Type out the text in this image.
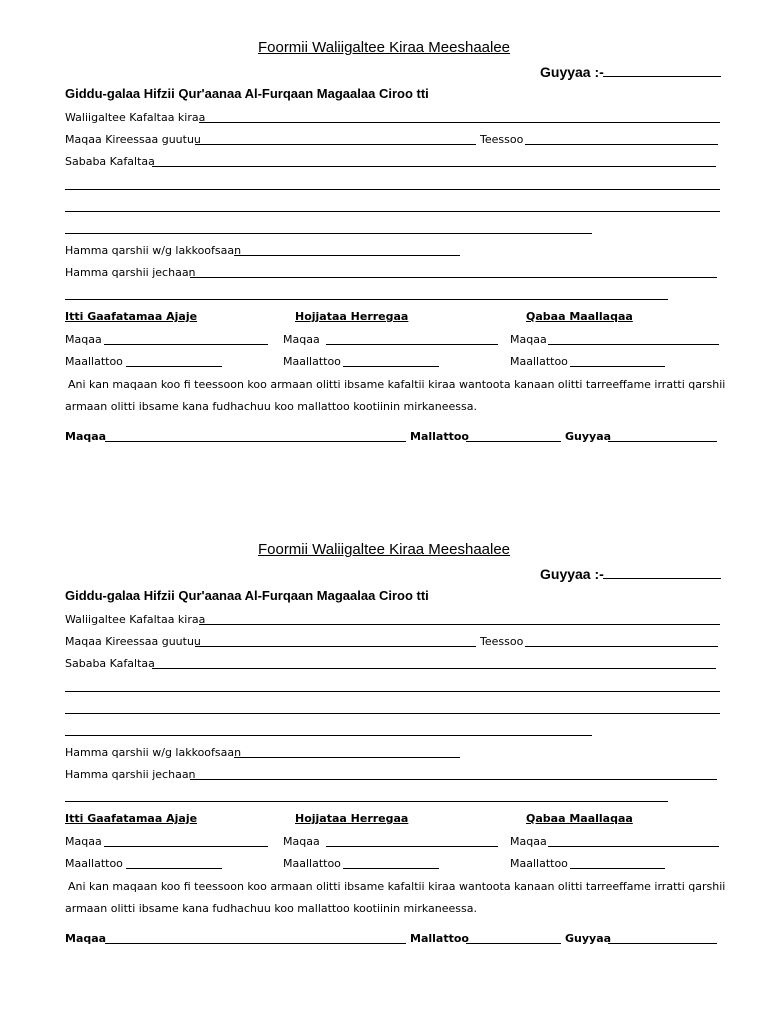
Foormii Waliigaltee Kiraa Meeshaalee
Guyyaa :-
Giddu-galaa Hifzii Qur'aanaa Al-Furqaan Magaalaa Ciroo tti
Waliigaltee Kafaltaa kiraa
Maqaa Kireessaa guutuu	Teessoo
Sababa Kafaltaa
Hamma qarshii w/g lakkoofsaan
Hamma qarshii jechaan
Itti Gaafatamaa Ajaje	Hojjataa Herregaa	Qabaa Maallaqaa
Maqaa	Maqaa	Maqaa
Maallattoo	Maallattoo	Maallattoo
Ani kan maqaan koo fi teessoon koo armaan olitti ibsame kafaltii kiraa wantoota kanaan olitti tarreeffame irratti qarshii
armaan olitti ibsame kana fudhachuu koo mallattoo kootiinin mirkaneessa.
Maqaa	Mallattoo	Guyyaa
Foormii Waliigaltee Kiraa Meeshaalee
Guyyaa :-
Giddu-galaa Hifzii Qur'aanaa Al-Furqaan Magaalaa Ciroo tti
Waliigaltee Kafaltaa kiraa
Maqaa Kireessaa guutuu	Teessoo
Sababa Kafaltaa
Hamma qarshii w/g lakkoofsaan
Hamma qarshii jechaan
Itti Gaafatamaa Ajaje	Hojjataa Herregaa	Qabaa Maallaqaa
Maqaa	Maqaa	Maqaa
Maallattoo	Maallattoo	Maallattoo
Ani kan maqaan koo fi teessoon koo armaan olitti ibsame kafaltii kiraa wantoota kanaan olitti tarreeffame irratti qarshii
armaan olitti ibsame kana fudhachuu koo mallattoo kootiinin mirkaneessa.
Maqaa	Mallattoo	Guyyaa
